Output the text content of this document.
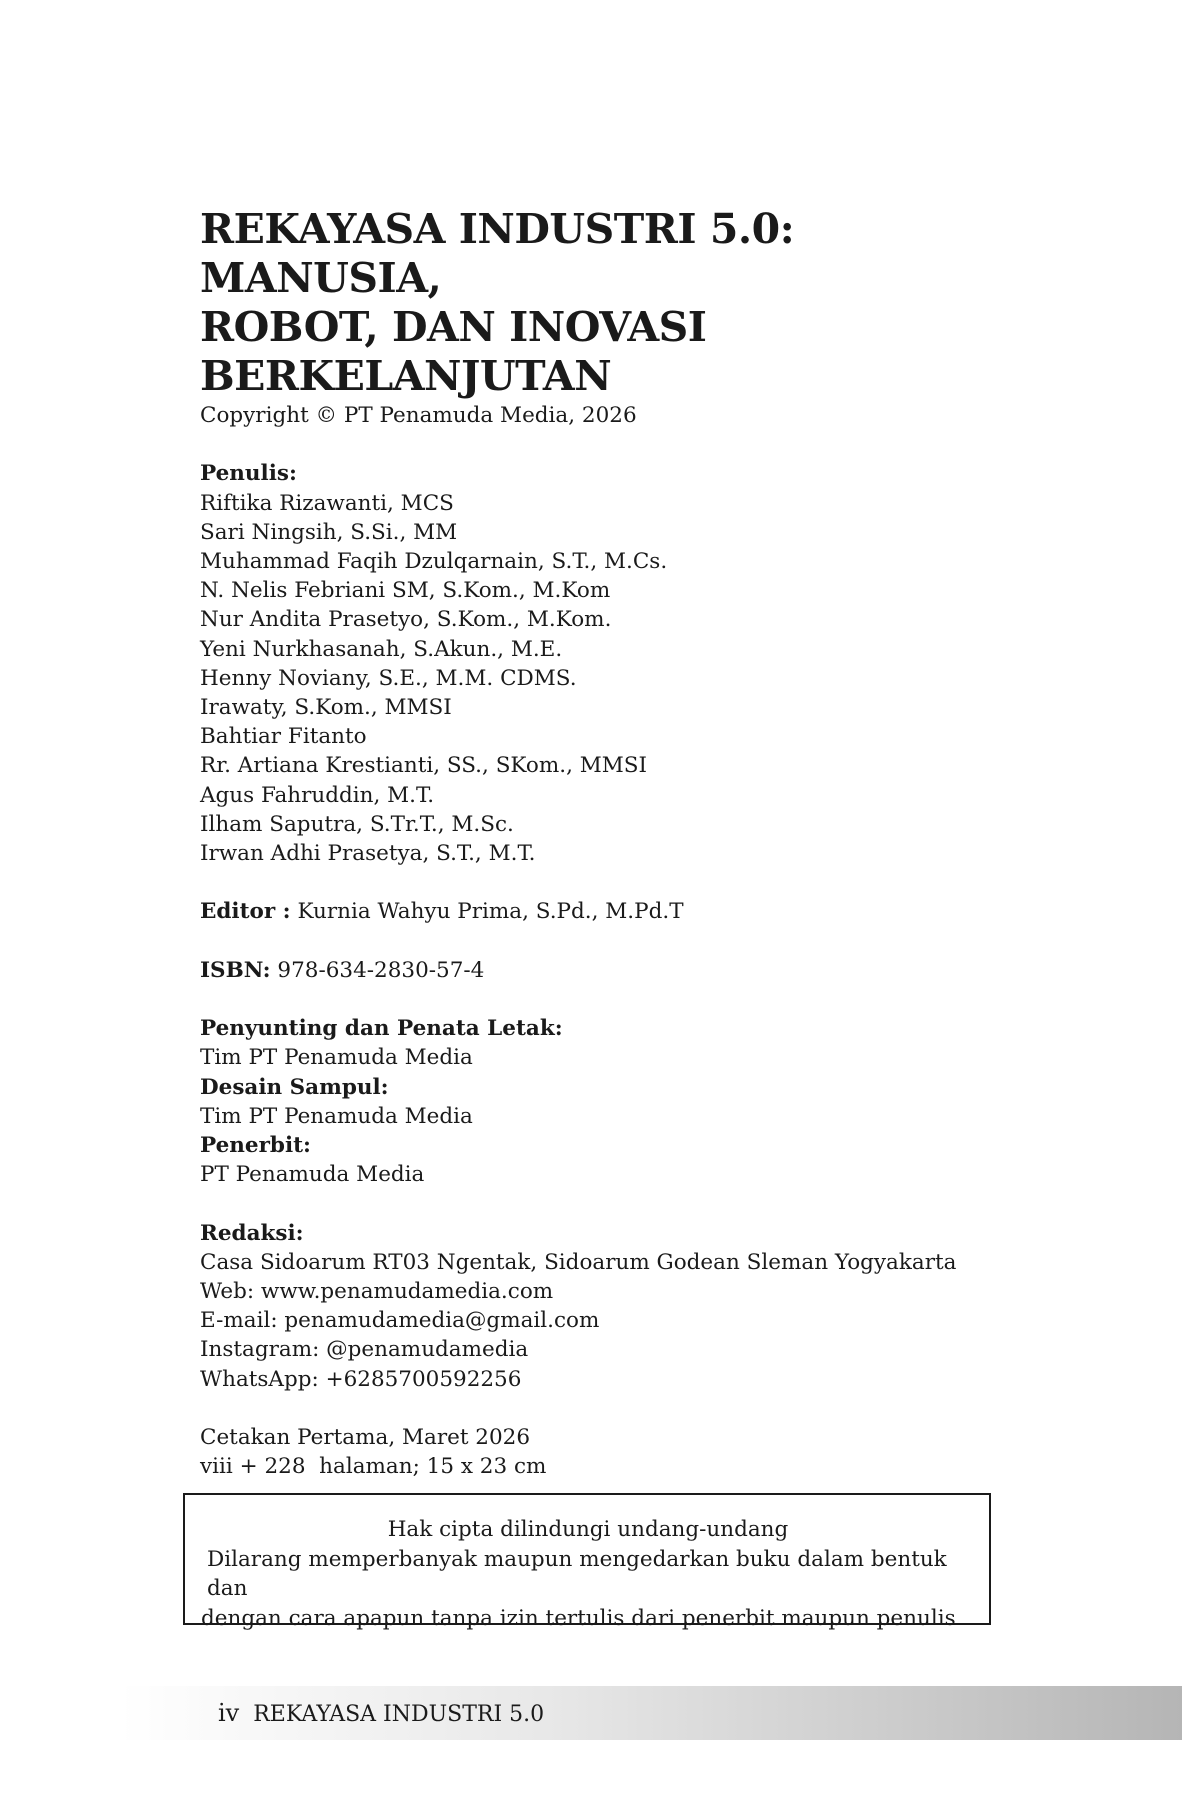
REKAYASA INDUSTRI 5.0: MANUSIA,
ROBOT, DAN INOVASI
BERKELANJUTAN
Copyright © PT Penamuda Media, 2026
Penulis:
Riftika Rizawanti, MCS
Sari Ningsih, S.Si., MM
Muhammad Faqih Dzulqarnain, S.T., M.Cs.
N. Nelis Febriani SM, S.Kom., M.Kom
Nur Andita Prasetyo, S.Kom., M.Kom.
Yeni Nurkhasanah, S.Akun., M.E.
Henny Noviany, S.E., M.M. CDMS.
Irawaty, S.Kom., MMSI
Bahtiar Fitanto
Rr. Artiana Krestianti, SS., SKom., MMSI
Agus Fahruddin, M.T.
Ilham Saputra, S.Tr.T., M.Sc.
Irwan Adhi Prasetya, S.T., M.T.
Editor : Kurnia Wahyu Prima, S.Pd., M.Pd.T
ISBN: 978-634-2830-57-4
Penyunting dan Penata Letak:
Tim PT Penamuda Media
Desain Sampul:
Tim PT Penamuda Media
Penerbit:
PT Penamuda Media
Redaksi:
Casa Sidoarum RT03 Ngentak, Sidoarum Godean Sleman Yogyakarta
Web: www.penamudamedia.com
E-mail: penamudamedia@gmail.com
Instagram: @penamudamedia
WhatsApp: +6285700592256
Cetakan Pertama, Maret 2026
viii + 228  halaman; 15 x 23 cm
Hak cipta dilindungi undang-undang
Dilarang memperbanyak maupun mengedarkan buku dalam bentuk dan
dengan cara apapun tanpa izin tertulis dari penerbit maupun penulis
iv REKAYASA INDUSTRI 5.0
